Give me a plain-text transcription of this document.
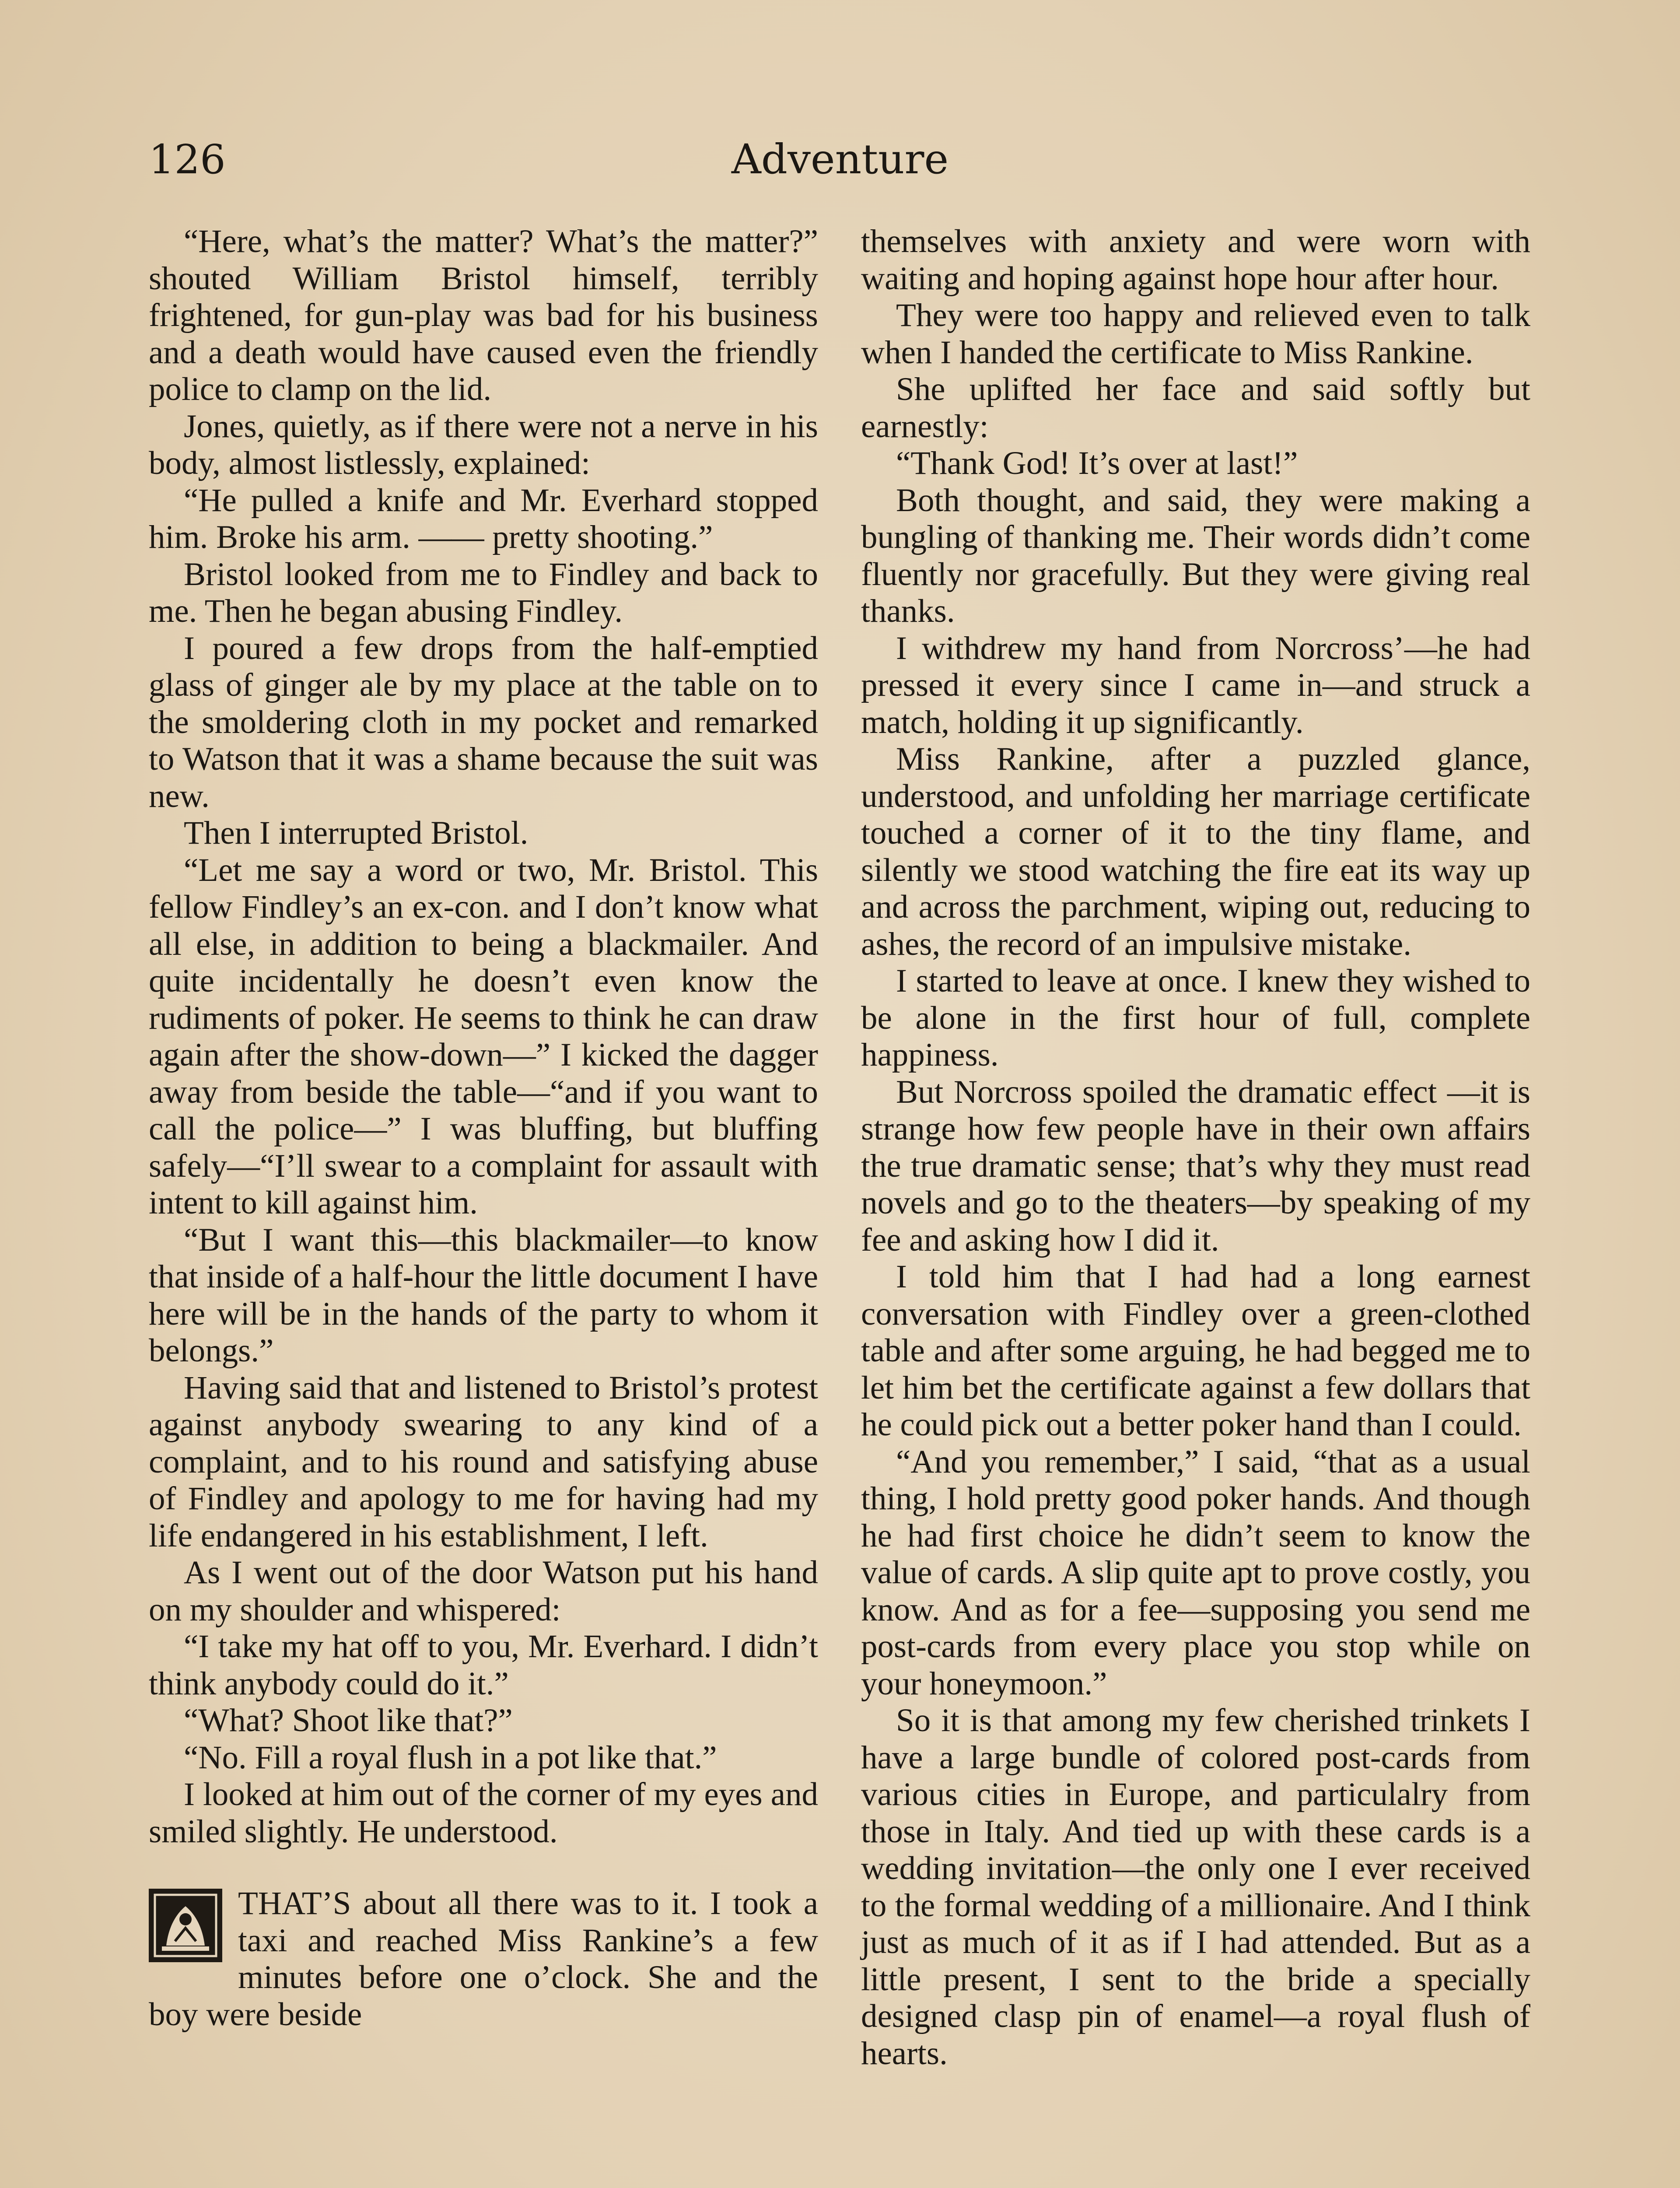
126	Adventure

“Here, what’s the matter? What’s the matter?” shouted William Bristol himself, terribly frightened, for gun-play was bad for his business and a death would have caused even the friendly police to clamp on the lid.

Jones, quietly, as if there were not a nerve in his body, almost listlessly, explained:

“He pulled a knife and Mr. Everhard stopped him. Broke his arm. —— pretty shooting.”

Bristol looked from me to Findley and back to me. Then he began abusing Findley.

I poured a few drops from the half-emptied glass of ginger ale by my place at the table on to the smoldering cloth in my pocket and remarked to Watson that it was a shame because the suit was new.

Then I interrupted Bristol.

“Let me say a word or two, Mr. Bristol. This fellow Findley’s an ex-con. and I don’t know what all else, in addition to being a blackmailer. And quite incidentally he doesn’t even know the rudiments of poker. He seems to think he can draw again after the show-down—” I kicked the dagger away from beside the table—“and if you want to call the police—” I was bluffing, but bluffing safely—“I’ll swear to a complaint for assault with intent to kill against him.

“But I want this—this blackmailer—to know that inside of a half-hour the little document I have here will be in the hands of the party to whom it belongs.”

Having said that and listened to Bristol’s protest against anybody swearing to any kind of a complaint, and to his round and satisfying abuse of Findley and apology to me for having had my life endangered in his establishment, I left.

As I went out of the door Watson put his hand on my shoulder and whispered:

“I take my hat off to you, Mr. Everhard. I didn’t think anybody could do it.”

“What? Shoot like that?”

“No. Fill a royal flush in a pot like that.”

I looked at him out of the corner of my eyes and smiled slightly. He understood.

THAT’S about all there was to it. I took a taxi and reached Miss Rankine’s a few minutes before one o’clock. She and the boy were beside

themselves with anxiety and were worn with waiting and hoping against hope hour after hour.

They were too happy and relieved even to talk when I handed the certificate to Miss Rankine.

She uplifted her face and said softly but earnestly:

“Thank God! It’s over at last!”

Both thought, and said, they were making a bungling of thanking me. Their words didn’t come fluently nor gracefully. But they were giving real thanks.

I withdrew my hand from Norcross’—he had pressed it every since I came in—and struck a match, holding it up significantly.

Miss Rankine, after a puzzled glance, understood, and unfolding her marriage certificate touched a corner of it to the tiny flame, and silently we stood watching the fire eat its way up and across the parchment, wiping out, reducing to ashes, the record of an impulsive mistake.

I started to leave at once. I knew they wished to be alone in the first hour of full, complete happiness.

But Norcross spoiled the dramatic effect —it is strange how few people have in their own affairs the true dramatic sense; that’s why they must read novels and go to the theaters—by speaking of my fee and asking how I did it.

I told him that I had had a long earnest conversation with Findley over a green-clothed table and after some arguing, he had begged me to let him bet the certificate against a few dollars that he could pick out a better poker hand than I could.

“And you remember,” I said, “that as a usual thing, I hold pretty good poker hands. And though he had first choice he didn’t seem to know the value of cards. A slip quite apt to prove costly, you know. And as for a fee—supposing you send me post-cards from every place you stop while on your honeymoon.”

So it is that among my few cherished trinkets I have a large bundle of colored post-cards from various cities in Europe, and particulalry from those in Italy. And tied up with these cards is a wedding invitation—the only one I ever received to the formal wedding of a millionaire. And I think just as much of it as if I had attended. But as a little present, I sent to the bride a specially designed clasp pin of enamel—a royal flush of hearts.
